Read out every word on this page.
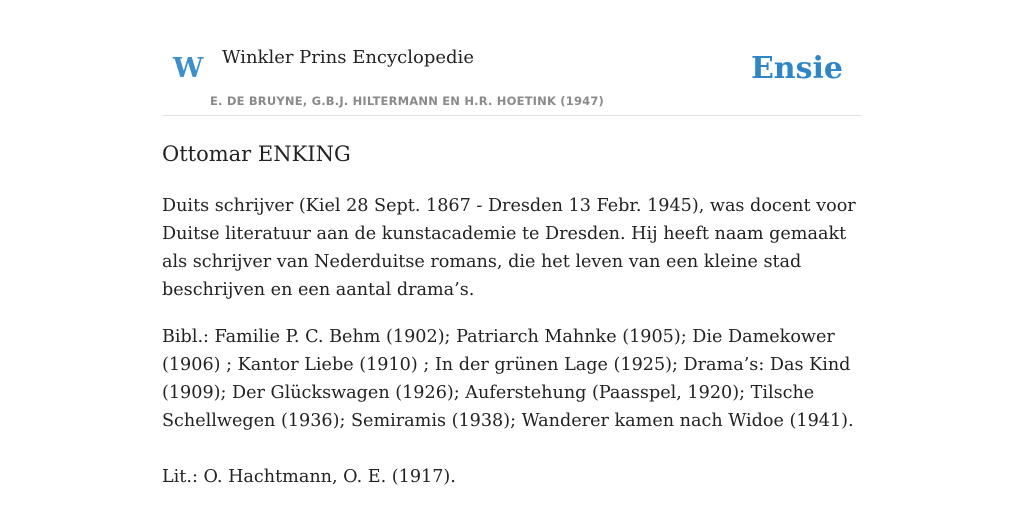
W Winkler Prins Encyclopedie
E. DE BRUYNE, G.B.J. HILTERMANN EN H.R. HOETINK (1947)
Ensie
Ottomar ENKING

Duits schrijver (Kiel 28 Sept. 1867 - Dresden 13 Febr. 1945), was docent voor Duitse literatuur aan de kunstacademie te Dresden. Hij heeft naam gemaakt als schrijver van Nederduitse romans, die het leven van een kleine stad beschrijven en een aantal drama’s.

Bibl.: Familie P. C. Behm (1902); Patriarch Mahnke (1905); Die Damekower (1906) ; Kantor Liebe (1910) ; In der grünen Lage (1925); Drama’s: Das Kind (1909); Der Glückswagen (1926); Auferstehung (Paasspel, 1920); Tilsche Schellwegen (1936); Semiramis (1938); Wanderer kamen nach Widoe (1941).

Lit.: O. Hachtmann, O. E. (1917).
